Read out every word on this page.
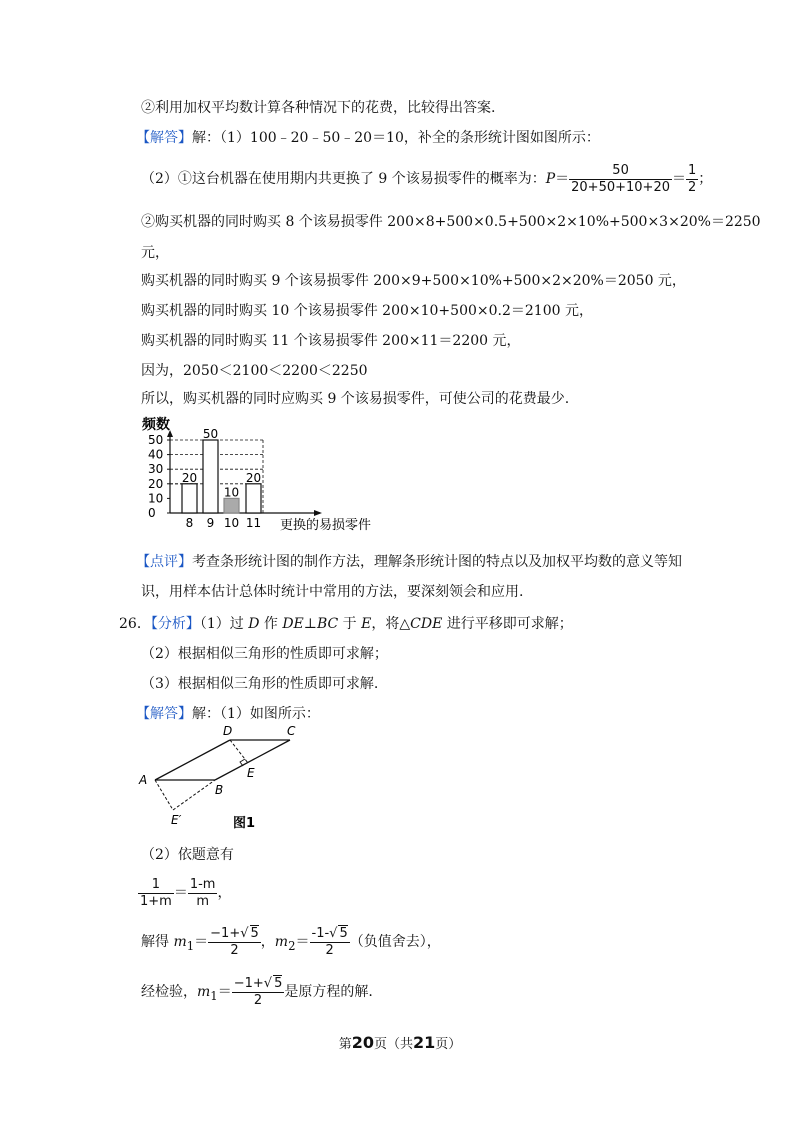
②利用加权平均数计算各种情况下的花费，比较得出答案.
【解答】解：（1）100﹣20﹣50﹣20＝10，补全的条形统计图如图所示：
（2）①这台机器在使用期内共更换了 9 个该易损零件的概率为：$P= \frac{50}{20+50+10+20} = \frac{1}{2}$ ；
②购买机器的同时购买 8 个该易损零件 200×8+500×0.5+500×2×10%+500×3×20%＝2250
元，
购买机器的同时购买 9 个该易损零件 200×9+500×10%+500×2×20%＝2050 元，
购买机器的同时购买 10 个该易损零件 200×10+500×0.2＝2100 元，
购买机器的同时购买 11 个该易损零件 200×11＝2200 元，
因为，2050＜2100＜2200＜2250
所以，购买机器的同时应购买 9 个该易损零件，可使公司的花费最少.
频数
0
10
20
30
40
50
20
50
10
20
8 9 10 11 更换的易损零件
【点评】考查条形统计图的制作方法，理解条形统计图的特点以及加权平均数的意义等知
识，用样本估计总体时统计中常用的方法，要深刻领会和应用.
26．【分析】（1）过 D 作 DE⊥BC 于 E，将△CDE 进行平移即可求解；
（2）根据相似三角形的性质即可求解；
（3）根据相似三角形的性质即可求解.
【解答】解：（1）如图所示：
A
D	C
B
E
E′	图1
（2）依题意有
$\frac{1}{1+m} = \frac{1-m}{m}$ ，
解得 $m_1= \frac{-1+√ 5}{2}$ ，$m_2= \frac{-1-√ 5}{2}$ （负值舍去），
经检验，$m_1= \frac{-1+√ 5}{2}$ 是原方程的解.
第20页（共21页）
